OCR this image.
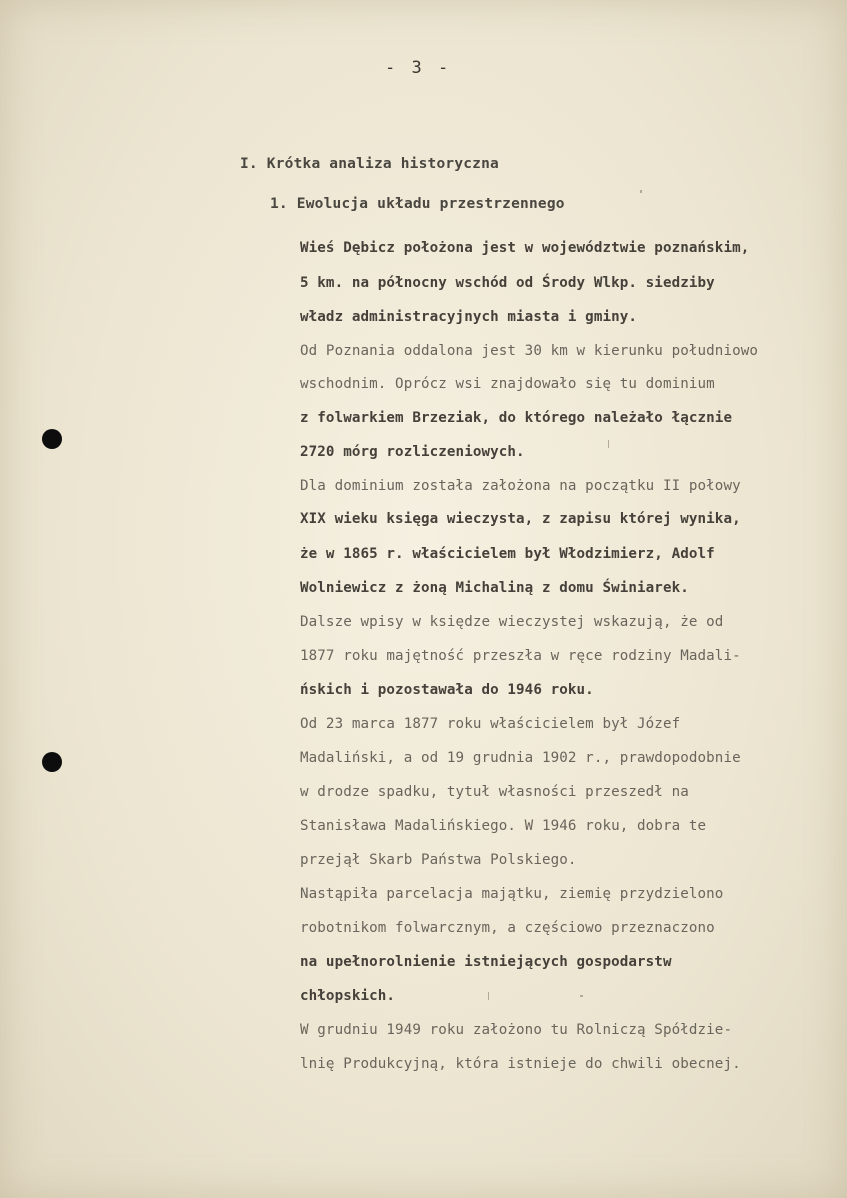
- 3 -
I. Krótka analiza historyczna
1. Ewolucja układu przestrzennego
Wieś Dębicz położona jest w województwie poznańskim,
5 km. na północny wschód od Środy Wlkp. siedziby
władz administracyjnych miasta i gminy.
Od Poznania oddalona jest 30 km w kierunku południowo
wschodnim. Oprócz wsi znajdowało się tu dominium
z folwarkiem Brzeziak, do którego należało łącznie
2720 mórg rozliczeniowych.
Dla dominium została założona na początku II połowy
XIX wieku księga wieczysta, z zapisu której wynika,
że w 1865 r. właścicielem był Włodzimierz, Adolf
Wolniewicz z żoną Michaliną z domu Świniarek.
Dalsze wpisy w księdze wieczystej wskazują, że od
1877 roku majętność przeszła w ręce rodziny Madali-
ńskich i pozostawała do 1946 roku.
Od 23 marca 1877 roku właścicielem był Józef
Madaliński, a od 19 grudnia 1902 r., prawdopodobnie
w drodze spadku, tytuł własności przeszedł na
Stanisława Madalińskiego. W 1946 roku, dobra te
przejął Skarb Państwa Polskiego.
Nastąpiła parcelacja majątku, ziemię przydzielono
robotnikom folwarcznym, a częściowo przeznaczono
na upełnorolnienie istniejących gospodarstw
chłopskich.
W grudniu 1949 roku założono tu Rolniczą Spółdzie-
lnię Produkcyjną, która istnieje do chwili obecnej.
